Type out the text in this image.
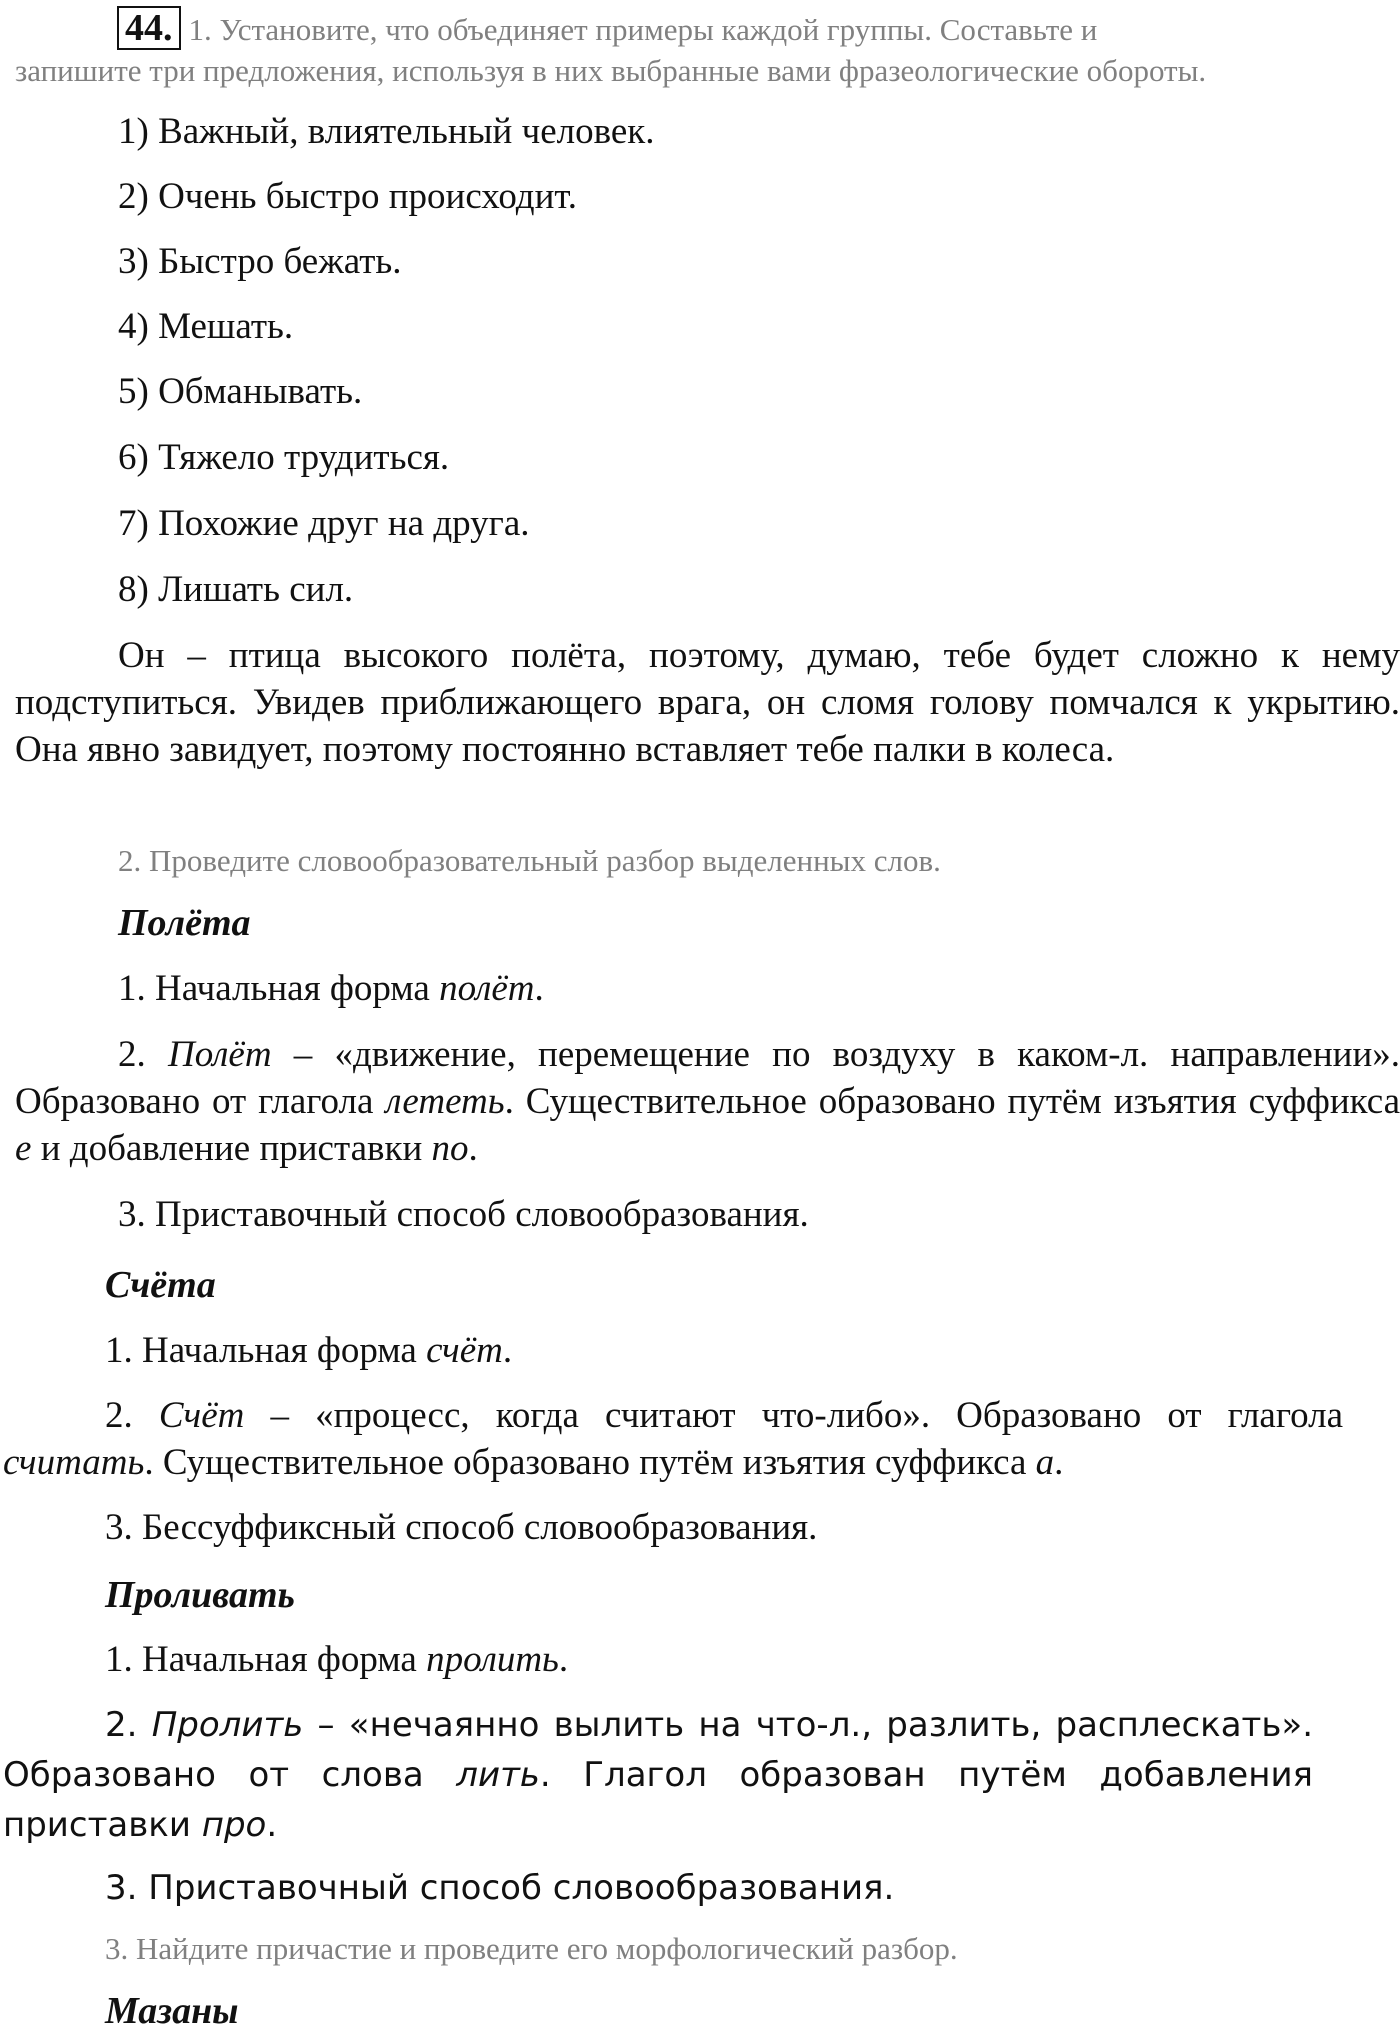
44. 1. Установите, что объединяет примеры каждой группы. Составьте и
запишите три предложения, используя в них выбранные вами фразеологические обороты.
1) Важный, влиятельный человек.
2) Очень быстро происходит.
3) Быстро бежать.
4) Мешать.
5) Обманывать.
6) Тяжело трудиться.
7) Похожие друг на друга.
8) Лишать сил.
Он – птица высокого полёта, поэтому, думаю, тебе будет сложно к нему подступиться. Увидев приближающего врага, он сломя голову помчался к укрытию. Она явно завидует, поэтому постоянно вставляет тебе палки в колеса.
2. Проведите словообразовательный разбор выделенных слов.
Полёта
1. Начальная форма полёт.
2. Полёт – «движение, перемещение по воздуху в каком-л. направлении». Образовано от глагола лететь. Существительное образовано путём изъятия суффикса е и добавление приставки по.
3. Приставочный способ словообразования.
Счёта
1. Начальная форма счёт.
2. Счёт – «процесс, когда считают что-либо». Образовано от глагола считать. Существительное образовано путём изъятия суффикса а.
3. Бессуффиксный способ словообразования.
Проливать
1. Начальная форма пролить.
2. Пролить – «нечаянно вылить на что-л., разлить, расплескать». Образовано от слова лить. Глагол образован путём добавления приставки про.
3. Приставочный способ словообразования.
3. Найдите причастие и проведите его морфологический разбор.
Мазаны
